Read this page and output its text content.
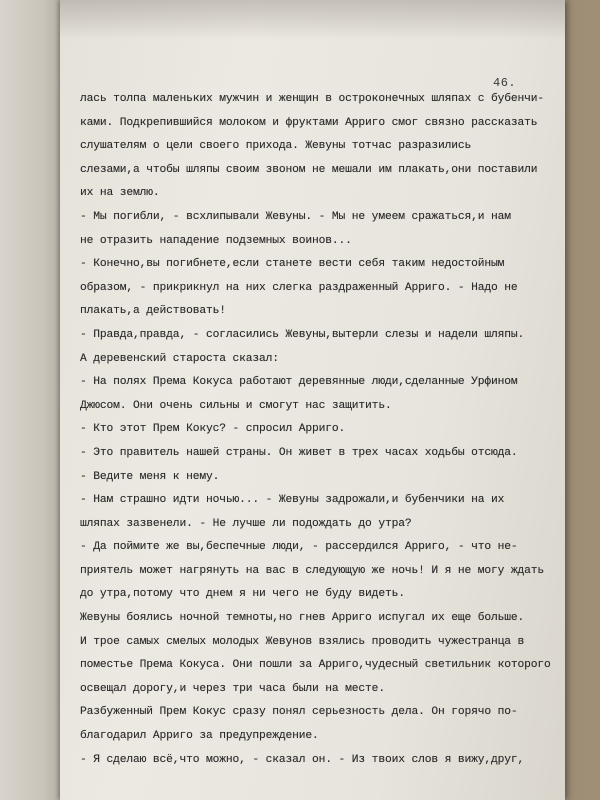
46.
лась толпа маленьких мужчин и женщин в остроконечных шляпах с бубенчи-
ками. Подкрепившийся молоком и фруктами Арриго смог связно рассказать
слушателям о цели своего прихода. Жевуны тотчас разразились
слезами,а чтобы шляпы своим звоном не мешали им плакать,они поставили
их на землю.
- Мы погибли, - всхлипывали Жевуны. - Мы не умеем сражаться,и нам
не отразить нападение подземных воинов...
- Конечно,вы погибнете,если станете вести себя таким недостойным
образом, - прикрикнул на них слегка раздраженный Арриго. - Надо не
плакать,а действовать!
- Правда,правда, - согласились Жевуны,вытерли слезы и надели шляпы.
А деревенский староста сказал:
- На полях Према Кокуса работают деревянные люди,сделанные Урфином
Джюсом. Они очень сильны и смогут нас защитить.
- Кто этот Прем Кокус? - спросил Арриго.
- Это правитель нашей страны. Он живет в трех часах ходьбы отсюда.
- Ведите меня к нему.
- Нам страшно идти ночью... - Жевуны задрожали,и бубенчики на их
шляпах зазвенели. - Не лучше ли подождать до утра?
- Да поймите же вы,беспечные люди, - рассердился Арриго, - что не-
приятель может нагрянуть на вас в следующую же ночь! И я не могу ждать
до утра,потому что днем я ни чего не буду видеть.
Жевуны боялись ночной темноты,но гнев Арриго испугал их еще больше.
И трое самых смелых молодых Жевунов взялись проводить чужестранца в
поместье Према Кокуса. Они пошли за Арриго,чудесный светильник которого
освещал дорогу,и через три часа были на месте.
Разбуженный Прем Кокус сразу понял серьезность дела. Он горячо по-
благодарил Арриго за предупреждение.
- Я сделаю всё,что можно, - сказал он. - Из твоих слов я вижу,друг,
